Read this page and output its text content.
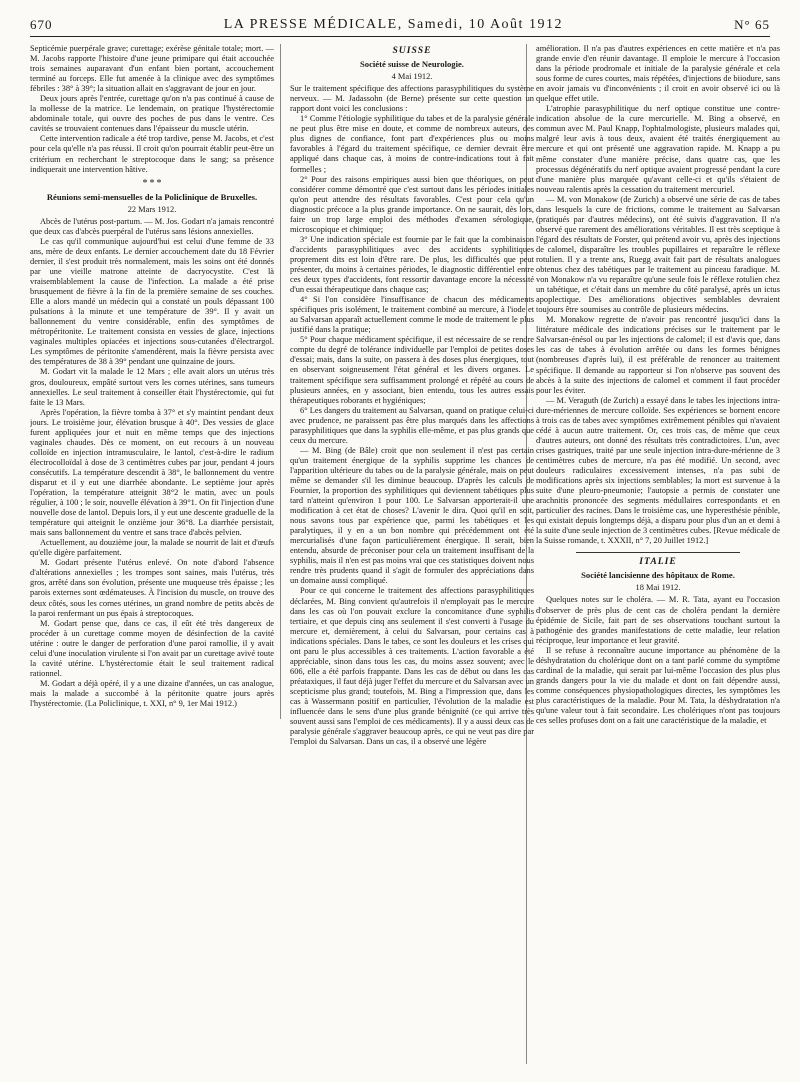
670	LA PRESSE MÉDICALE, Samedi, 10 Août 1912	N° 65

Septicémie puerpérale grave; curettage; exérèse génitale totale; mort. — M. Jacobs rapporte l'histoire d'une jeune primipare qui était accouchée trois semaines auparavant d'un enfant bien portant, accouchement terminé au forceps. Elle fut amenée à la clinique avec des symptômes fébriles : 38° à 39°; la situation allait en s'aggravant de jour en jour.

Deux jours après l'entrée, curettage qu'on n'a pas continué à cause de la mollesse de la matrice. Le lendemain, on pratique l'hystérectomie abdominale totale, qui ouvre des poches de pus dans le ventre. Ces cavités se trouvaient contenues dans l'épaisseur du muscle utérin.

Cette intervention radicale a été trop tardive, pense M. Jacobs, et c'est pour cela qu'elle n'a pas réussi. Il croit qu'on pourrait établir peut-être un critérium en recherchant le streptocoque dans le sang; sa présence indiquerait une intervention hâtive.

* * *
Réunions semi-mensuelles de la Policlinique de Bruxelles.
22 Mars 1912.

Abcès de l'utérus post-partum. — M. Jos. Godart n'a jamais rencontré que deux cas d'abcès puerpéral de l'utérus sans lésions annexielles.

Le cas qu'il communique aujourd'hui est celui d'une femme de 33 ans, mère de deux enfants. Le dernier accouchement date du 18 Février dernier, il s'est produit très normalement, mais les soins ont été donnés par une vieille matrone atteinte de dacryocystite. C'est là vraisemblablement la cause de l'infection. La malade a été prise brusquement de fièvre à la fin de la première semaine de ses couches. Elle a alors mandé un médecin qui a constaté un pouls dépassant 100 pulsations à la minute et une température de 39°. Il y avait un ballonnement du ventre considérable, enfin des symptômes de métropéritonite. Le traitement consista en vessies de glace, injections vaginales multiples opiacées et injections sous-cutanées d'électrargol. Les symptômes de péritonite s'amendèrent, mais la fièvre persista avec des températures de 38 à 39° pendant une quinzaine de jours.

M. Godart vit la malade le 12 Mars ; elle avait alors un utérus très gros, douloureux, empâté surtout vers les cornes utérines, sans tumeurs annexielles. Le seul traitement à conseiller était l'hystérectomie, qui fut faite le 13 Mars.

Après l'opération, la fièvre tomba à 37° et s'y maintint pendant deux jours. Le troisième jour, élévation brusque à 40°. Des vessies de glace furent appliquées jour et nuit en même temps que des injections vaginales chaudes. Dès ce moment, on eut recours à un nouveau colloïde en injection intramusculaire, le lantol, c'est-à-dire le radium électrocolloïdal à dose de 3 centimètres cubes par jour, pendant 4 jours consécutifs. La température descendit à 38°, le ballonnement du ventre disparut et il y eut une diarrhée abondante. Le septième jour après l'opération, la température atteignit 38°2 le matin, avec un pouls régulier, à 100 ; le soir, nouvelle élévation à 39°1. On fit l'injection d'une nouvelle dose de lantol. Depuis lors, il y eut une descente graduelle de la température qui atteignit le onzième jour 36°8. La diarrhée persistait, mais sans ballonnement du ventre et sans trace d'abcès pelvien.

Actuellement, au douzième jour, la malade se nourrit de lait et d'œufs qu'elle digère parfaitement.

M. Godart présente l'utérus enlevé. On note d'abord l'absence d'altérations annexielles ; les trompes sont saines, mais l'utérus, très gros, arrêté dans son évolution, présente une muqueuse très épaisse ; les parois externes sont œdémateuses. À l'incision du muscle, on trouve des deux côtés, sous les cornes utérines, un grand nombre de petits abcès de la paroi renfermant un pus épais à streptocoques.

M. Godart pense que, dans ce cas, il eût été très dangereux de procéder à un curettage comme moyen de désinfection de la cavité utérine : outre le danger de perforation d'une paroi ramollie, il y avait celui d'une inoculation virulente si l'on avait par un curettage avivé toute la cavité utérine. L'hystérectomie était le seul traitement radical rationnel.

M. Godart a déjà opéré, il y a une dizaine d'années, un cas analogue, mais la malade a succombé à la péritonite quatre jours après l'hystérectomie. (La Policlinique, t. XXI, n° 9, 1er Mai 1912.)

SUISSE
Société suisse de Neurologie.
4 Mai 1912.

Sur le traitement spécifique des affections parasyphilitiques du système nerveux. — M. Jadassohn (de Berne) présente sur cette question un rapport dont voici les conclusions :

1° Comme l'étiologie syphilitique du tabes et de la paralysie générale ne peut plus être mise en doute, et comme de nombreux auteurs, des plus dignes de confiance, font part d'expériences plus ou moins favorables à l'égard du traitement spécifique, ce dernier devrait être appliqué dans chaque cas, à moins de contre-indications tout à fait formelles ;

2° Pour des raisons empiriques aussi bien que théoriques, on peut considérer comme démontré que c'est surtout dans les périodes initiales qu'on peut attendre des résultats favorables. C'est pour cela qu'un diagnostic précoce a la plus grande importance. On ne saurait, dès lors, faire un trop large emploi des méthodes d'examen sérologique, microscopique et chimique;

3° Une indication spéciale est fournie par le fait que la combinaison d'accidents parasyphilitiques avec des accidents syphilitiques proprement dits est loin d'être rare. De plus, les difficultés que peut présenter, du moins à certaines périodes, le diagnostic différentiel entre ces deux types d'accidents, font ressortir davantage encore la nécessité d'un essai thérapeutique dans chaque cas;

4° Si l'on considère l'insuffisance de chacun des médicaments spécifiques pris isolément, le traitement combiné au mercure, à l'iode et au Salvarsan apparaît actuellement comme le mode de traitement le plus justifié dans la pratique;

5° Pour chaque médicament spécifique, il est nécessaire de se rendre compte du degré de tolérance individuelle par l'emploi de petites doses d'essai; mais, dans la suite, on passera à des doses plus énergiques, tout en observant soigneusement l'état général et les divers organes. Le traitement spécifique sera suffisamment prolongé et répété au cours de plusieurs années, en y associant, bien entendu, tous les autres essais thérapeutiques roborants et hygiéniques;

6° Les dangers du traitement au Salvarsan, quand on pratique celui-ci avec prudence, ne paraissent pas être plus marqués dans les affections parasyphilitiques que dans la syphilis elle-même, et pas plus grands que ceux du mercure.

— M. Bing (de Bâle) croit que non seulement il n'est pas certain qu'un traitement énergique de la syphilis supprime les chances de l'apparition ultérieure du tabes ou de la paralysie générale, mais on peut même se demander s'il les diminue beaucoup. D'après les calculs de Fournier, la proportion des syphilitiques qui deviennent tabétiques plus tard n'atteint qu'environ 1 pour 100. Le Salvarsan apporterait-il une modification à cet état de choses? L'avenir le dira. Quoi qu'il en soit, nous savons tous par expérience que, parmi les tabétiques et les paralytiques, il y en a un bon nombre qui précédemment ont été mercurialisés d'une façon particulièrement énergique. Il serait, bien entendu, absurde de préconiser pour cela un traitement insuffisant de la syphilis, mais il n'en est pas moins vrai que ces statistiques doivent nous rendre très prudents quand il s'agit de formuler des appréciations dans un domaine aussi compliqué.

Pour ce qui concerne le traitement des affections parasyphilitiques déclarées, M. Bing convient qu'autrefois il n'employait pas le mercure dans les cas où l'on pouvait exclure la concomitance d'une syphilis tertiaire, et que depuis cinq ans seulement il s'est converti à l'usage du mercure et, dernièrement, à celui du Salvarsan, pour certains cas à indications spéciales. Dans le tabes, ce sont les douleurs et les crises qui ont paru le plus accessibles à ces traitements. L'action favorable a été appréciable, sinon dans tous les cas, du moins assez souvent; avec le 606, elle a été parfois frappante. Dans les cas de début ou dans les cas préataxiques, il faut déjà juger l'effet du mercure et du Salvarsan avec un scepticisme plus grand; toutefois, M. Bing a l'impression que, dans les cas à Wassermann positif en particulier, l'évolution de la maladie est influencée dans le sens d'une plus grande bénignité (ce qui arrive très souvent aussi sans l'emploi de ces médicaments). Il y a aussi deux cas de paralysie générale s'aggraver beaucoup après, ce qui ne veut pas dire par l'emploi du Salvarsan. Dans un cas, il a observé une légère

amélioration. Il n'a pas d'autres expériences en cette matière et n'a pas grande envie d'en réunir davantage. Il emploie le mercure à l'occasion dans la période prodromale et initiale de la paralysie générale et cela sous forme de cures courtes, mais répétées, d'injections de biiodure, sans en avoir jamais vu d'inconvénients ; il croit en avoir observé ici ou là quelque effet utile.

L'atrophie parasyphilitique du nerf optique constitue une contre-indication absolue de la cure mercurielle. M. Bing a observé, en commun avec M. Paul Knapp, l'ophtalmologiste, plusieurs malades qui, malgré leur avis à tous deux, avaient été traités énergiquement au mercure et qui ont présenté une aggravation rapide. M. Knapp a pu même constater d'une manière précise, dans quatre cas, que les processus dégénératifs du nerf optique avaient progressé pendant la cure d'une manière plus marquée qu'avant celle-ci et qu'ils s'étaient de nouveau ralentis après la cessation du traitement mercuriel.

— M. von Monakow (de Zurich) a observé une série de cas de tabes dans lesquels la cure de frictions, comme le traitement au Salvarsan (pratiqués par d'autres médecins), ont été suivis d'aggravation. Il n'a observé que rarement des améliorations véritables. Il est très sceptique à l'égard des résultats de Forster, qui prétend avoir vu, après des injections de calomel, disparaître les troubles pupillaires et reparaître le réflexe rotulien. Il y a trente ans, Ruegg avait fait part de résultats analogues obtenus chez des tabétiques par le traitement au pinceau faradique. M. von Monakow n'a vu reparaître qu'une seule fois le réflexe rotulien chez un tabétique, et c'était dans un membre du côté paralysé, après un ictus apoplectique. Des améliorations objectives semblables devraient toujours être soumises au contrôle de plusieurs médecins.

M. Monakow regrette de n'avoir pas rencontré jusqu'ici dans la littérature médicale des indications précises sur le traitement par le Salvarsan-énésol ou par les injections de calomel; il est d'avis que, dans les cas de tabes à évolution arrêtée ou dans les formes bénignes (nombreuses d'après lui), il est préférable de renoncer au traitement spécifique. Il demande au rapporteur si l'on n'observe pas souvent des abcès à la suite des injections de calomel et comment il faut procéder pour les éviter.

— M. Veraguth (de Zurich) a essayé dans le tabes les injections intra-dure-mériennes de mercure colloïde. Ses expériences se bornent encore à trois cas de tabes avec symptômes extrêmement pénibles qui n'avaient cédé à aucun autre traitement. Or, ces trois cas, de même que ceux d'autres auteurs, ont donné des résultats très contradictoires. L'un, avec crises gastriques, traité par une seule injection intra-dure-mérienne de 3 centimètres cubes de mercure, n'a pas été modifié. Un second, avec douleurs radiculaires excessivement intenses, n'a pas subi de modifications après six injections semblables; la mort est survenue à la suite d'une pleuro-pneumonie; l'autopsie a permis de constater une arachnitis prononcée des segments médullaires correspondants et en particulier des racines. Dans le troisième cas, une hyperesthésie pénible, qui existait depuis longtemps déjà, a disparu pour plus d'un an et demi à la suite d'une seule injection de 3 centimètres cubes. [Revue médicale de la Suisse romande, t. XXXII, n° 7, 20 Juillet 1912.]

ITALIE
Société lancisienne des hôpitaux de Rome.
18 Mai 1912.

Quelques notes sur le choléra. — M. R. Tata, ayant eu l'occasion d'observer de près plus de cent cas de choléra pendant la dernière épidémie de Sicile, fait part de ses observations touchant surtout la pathogénie des grandes manifestations de cette maladie, leur relation réciproque, leur importance et leur gravité.

Il se refuse à reconnaître aucune importance au phénomène de la déshydratation du cholérique dont on a tant parlé comme du symptôme cardinal de la maladie, qui serait par lui-même l'occasion des plus plus grands dangers pour la vie du malade et dont on fait dépendre aussi, comme conséquences physiopathologiques directes, les symptômes les plus caractéristiques de la maladie. Pour M. Tata, la déshydratation n'a qu'une valeur tout à fait secondaire. Les cholériques n'ont pas toujours ces selles profuses dont on a fait une caractéristique de la maladie, et
